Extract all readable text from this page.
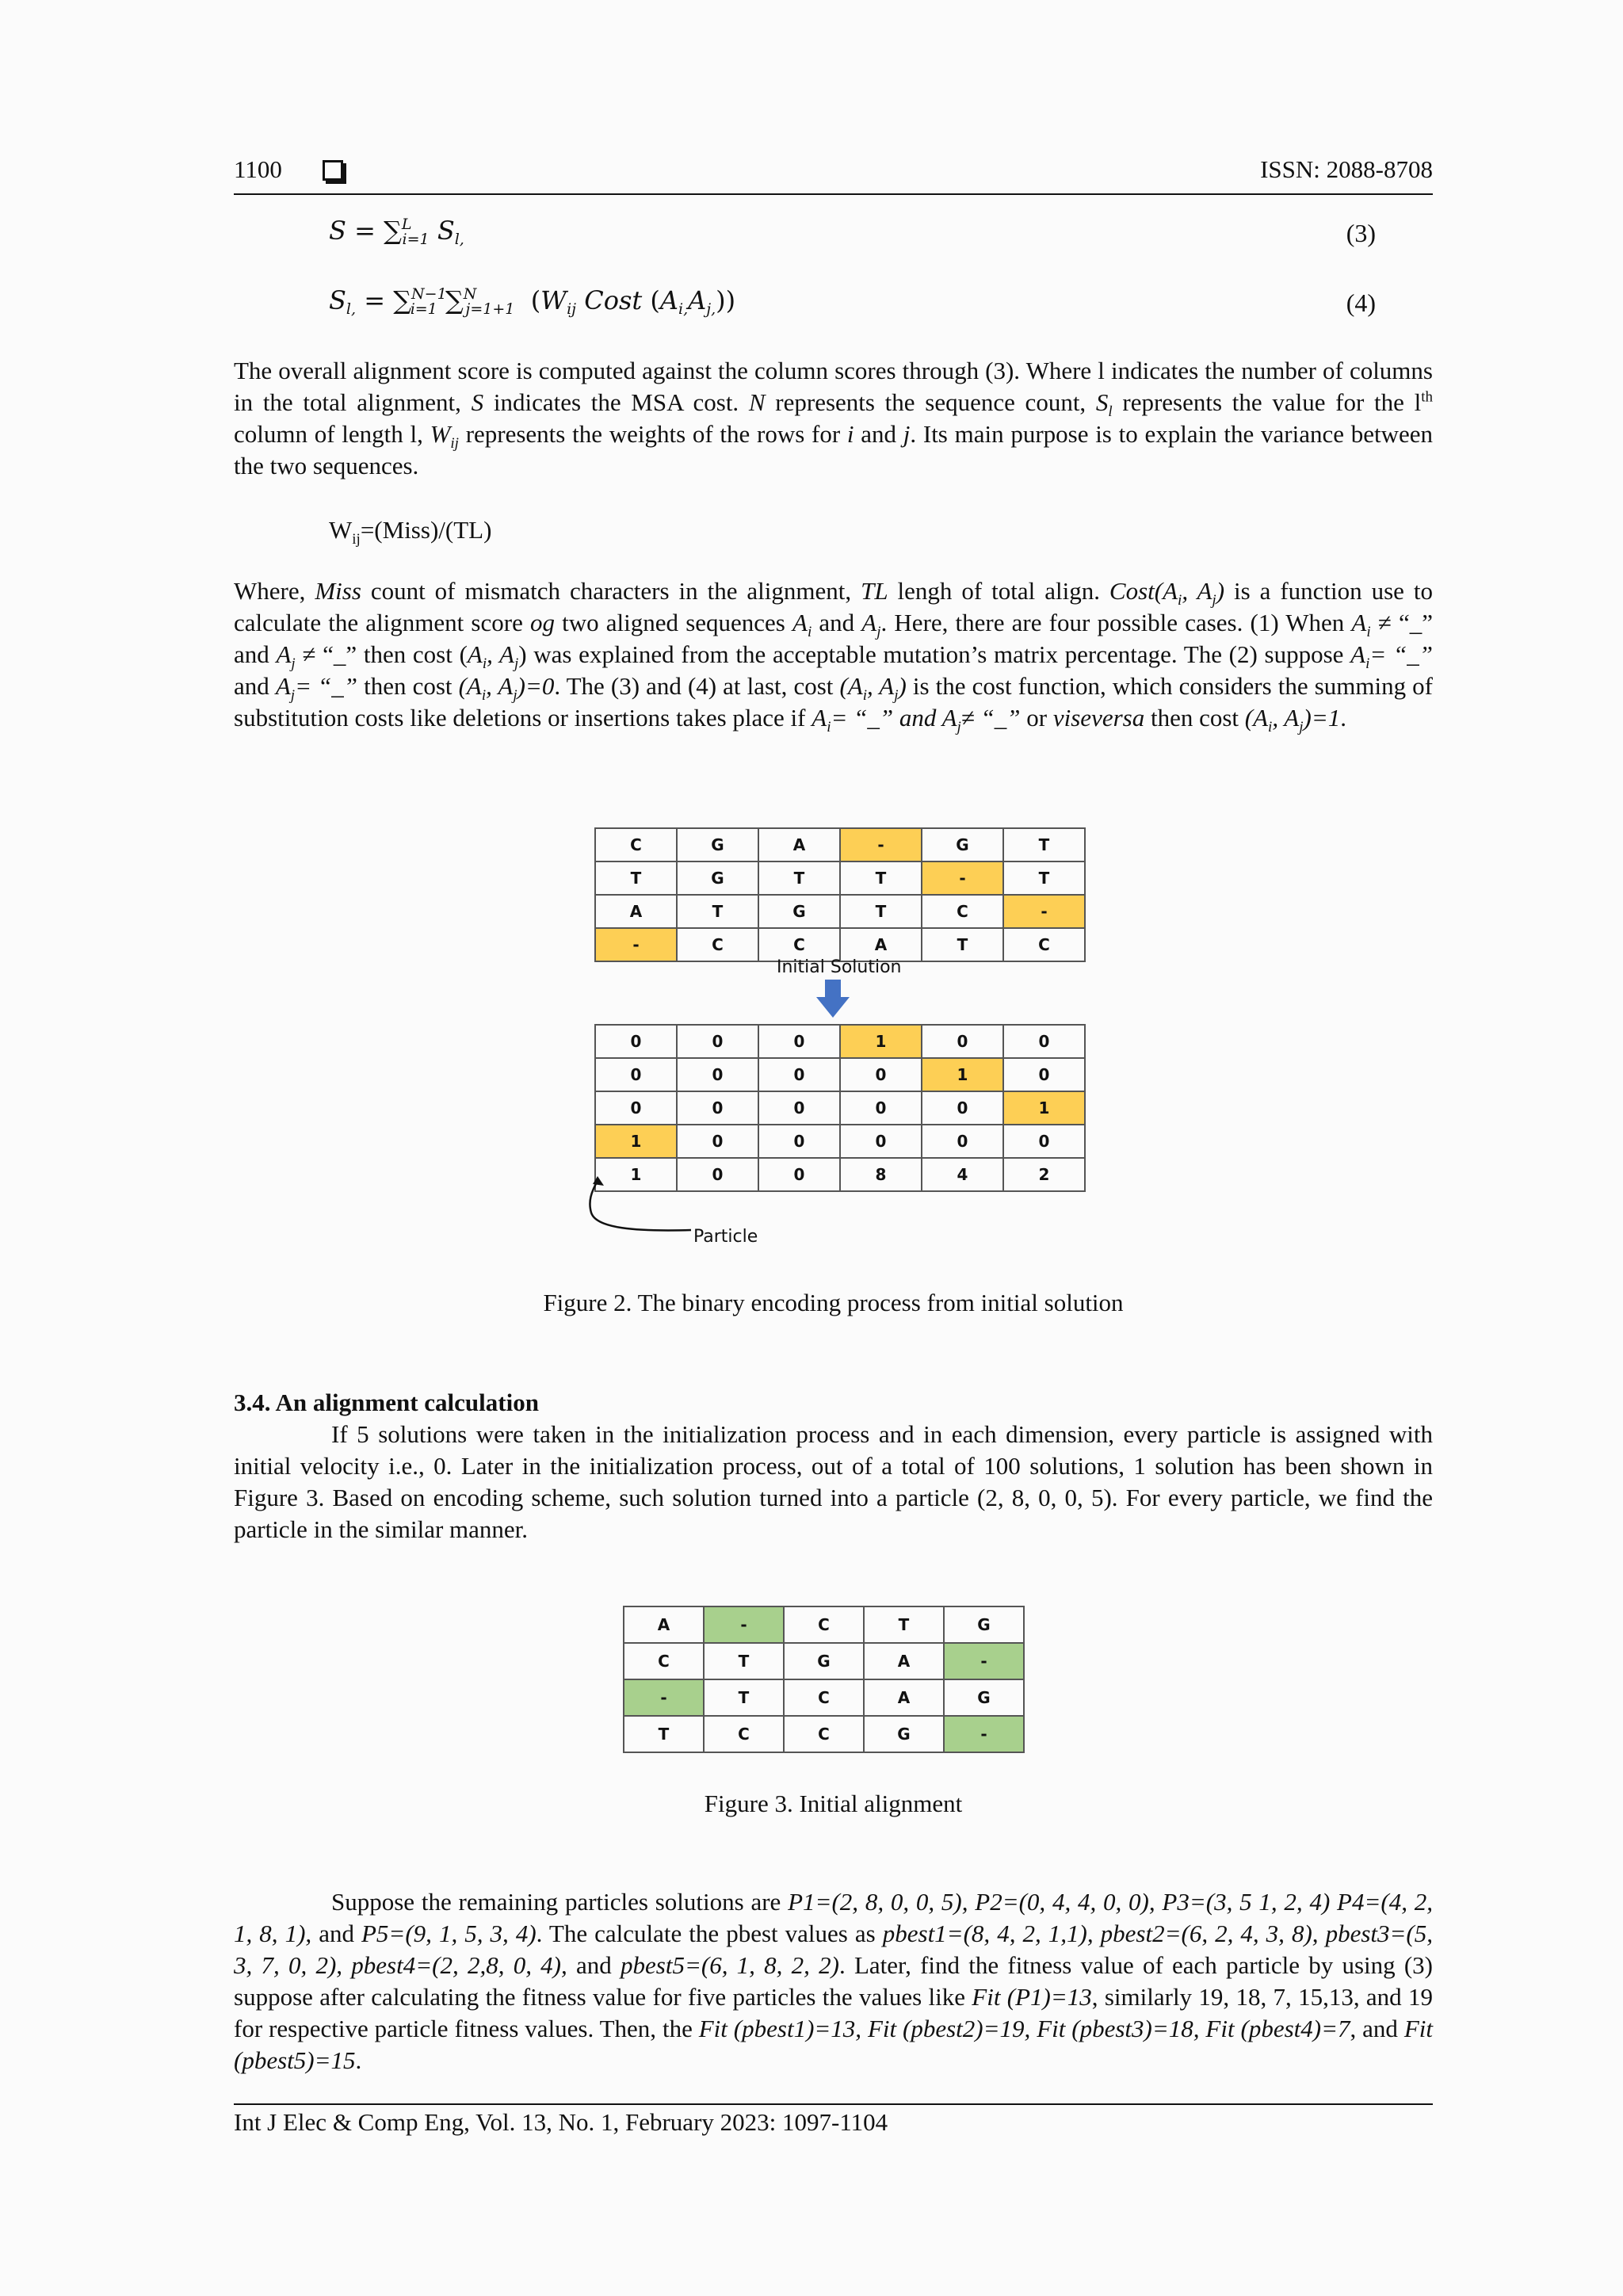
1100	ISSN: 2088-8708
S = ∑$^L$i=1 Sl,	(3)
Sl, = ∑$^{N-1}$i=1 ∑$^N$j=1+1 (Wij Cost (Ai,Aj,))	(4)

The overall alignment score is computed against the column scores through (3). Where l indicates the number of columns in the total alignment, S indicates the MSA cost. N represents the sequence count, $S_l$ represents the value for the $l^{th}$ column of length l, $W_{ij}$ represents the weights of the rows for i and j. Its main purpose is to explain the variance between the two sequences.

$W_{ij}=(Miss)/(TL)$

Where, Miss count of mismatch characters in the alignment, TL lengh of total align. $Cost(A_i$, $A_j$) is a function use to calculate the alignment score og two aligned sequences $A_i$ and $A_j$. Here, there are four possible cases. (1) When $A_i$ ≠ “_” and $A_j$ ≠ “_” then cost ($A_i$, $A_j$) was explained from the acceptable mutation’s matrix percentage. The (2) suppose $A_i=$ “_” and $A_j=$ “_” then cost ($A_i$, $A_j)=0$. The (3) and (4) at last, cost ($A_i$, $A_j$) is the cost function, which considers the summing of substitution costs like deletions or insertions takes place if $A_i=$ “_” and $A_j\ne$ “_” or viseversa then cost ($A_i$, $A_j)=1$.

C	G	A	-	G	T
T	G	T	T	-	T
A	T	G	T	C	-
-	C	C	A	T	C
Initial Solution
0	0	0	1	0	0
0	0	0	0	1	0
0	0	0	0	0	1
1	0	0	0	0	0
1	0	0	8	4	2
Particle
Figure 2. The binary encoding process from initial solution
3.4. An alignment calculation

If 5 solutions were taken in the initialization process and in each dimension, every particle is assigned with initial velocity i.e., 0. Later in the initialization process, out of a total of 100 solutions, 1 solution has been shown in Figure 3. Based on encoding scheme, such solution turned into a particle (2, 8, 0, 0, 5). For every particle, we find the particle in the similar manner.

A	-	C	T	G
C	T	G	A	-
-	T	C	A	G
T	C	C	G	-
Figure 3. Initial alignment

Suppose the remaining particles solutions are P1=(2, 8, 0, 0, 5), P2=(0, 4, 4, 0, 0), P3=(3, 5 1, 2, 4) P4=(4, 2, 1, 8, 1), and P5=(9, 1, 5, 3, 4). The calculate the pbest values as pbest1=(8, 4, 2, 1,1), pbest2=(6, 2, 4, 3, 8), pbest3=(5, 3, 7, 0, 2), pbest4=(2, 2,8, 0, 4), and pbest5=(6, 1, 8, 2, 2). Later, find the fitness value of each particle by using (3) suppose after calculating the fitness value for five particles the values like Fit (P1)=13, similarly 19, 18, 7, 15,13, and 19 for respective particle fitness values. Then, the Fit (pbest1)=13, Fit (pbest2)=19, Fit (pbest3)=18, Fit (pbest4)=7, and Fit (pbest5)=15.

Int J Elec & Comp Eng, Vol. 13, No. 1, February 2023: 1097-1104
